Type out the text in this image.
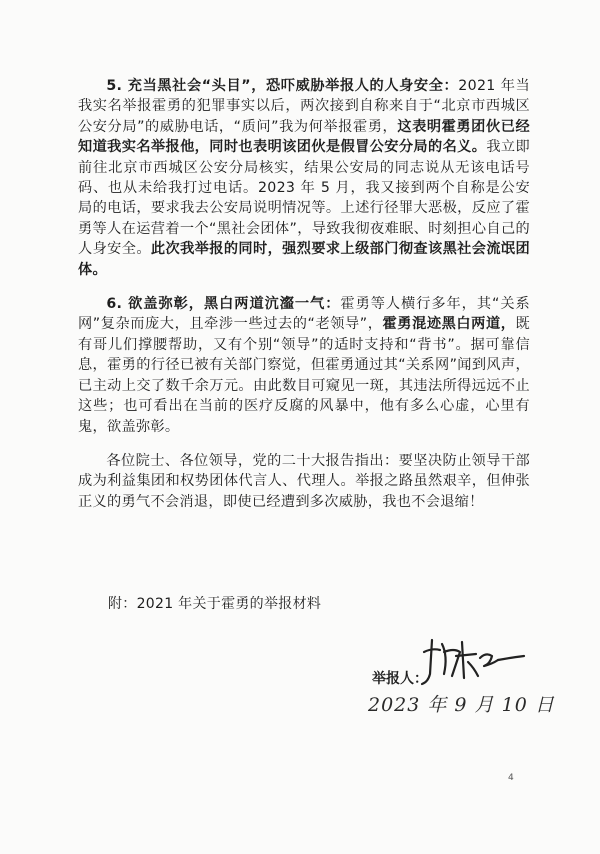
5. 充当黑社会“头目”，恐吓威胁举报人的人身安全：2021 年当我实名举报霍勇的犯罪事实以后，两次接到自称来自于“北京市西城区公安分局”的威胁电话，“质问”我为何举报霍勇，这表明霍勇团伙已经知道我实名举报他，同时也表明该团伙是假冒公安分局的名义。我立即前往北京市西城区公安分局核实，结果公安局的同志说从无该电话号码、也从未给我打过电话。2023 年 5 月，我又接到两个自称是公安局的电话，要求我去公安局说明情况等。上述行径罪大恶极，反应了霍勇等人在运营着一个“黑社会团体”，导致我彻夜难眠、时刻担心自己的人身安全。此次我举报的同时，强烈要求上级部门彻查该黑社会流氓团体。

6. 欲盖弥彰，黑白两道沆瀣一气：霍勇等人横行多年，其“关系网”复杂而庞大，且牵涉一些过去的“老领导”，霍勇混迹黑白两道，既有哥儿们撑腰帮助，又有个别“领导”的适时支持和“背书”。据可靠信息，霍勇的行径已被有关部门察觉，但霍勇通过其“关系网”闻到风声，已主动上交了数千余万元。由此数目可窥见一斑，其违法所得远远不止这些；也可看出在当前的医疗反腐的风暴中，他有多么心虚，心里有鬼，欲盖弥彰。

各位院士、各位领导，党的二十大报告指出：要坚决防止领导干部成为利益集团和权势团体代言人、代理人。举报之路虽然艰辛，但伸张正义的勇气不会消退，即使已经遭到多次威胁，我也不会退缩！

附：2021 年关于霍勇的举报材料
举报人：
2023 年 9 月 10 日
4
